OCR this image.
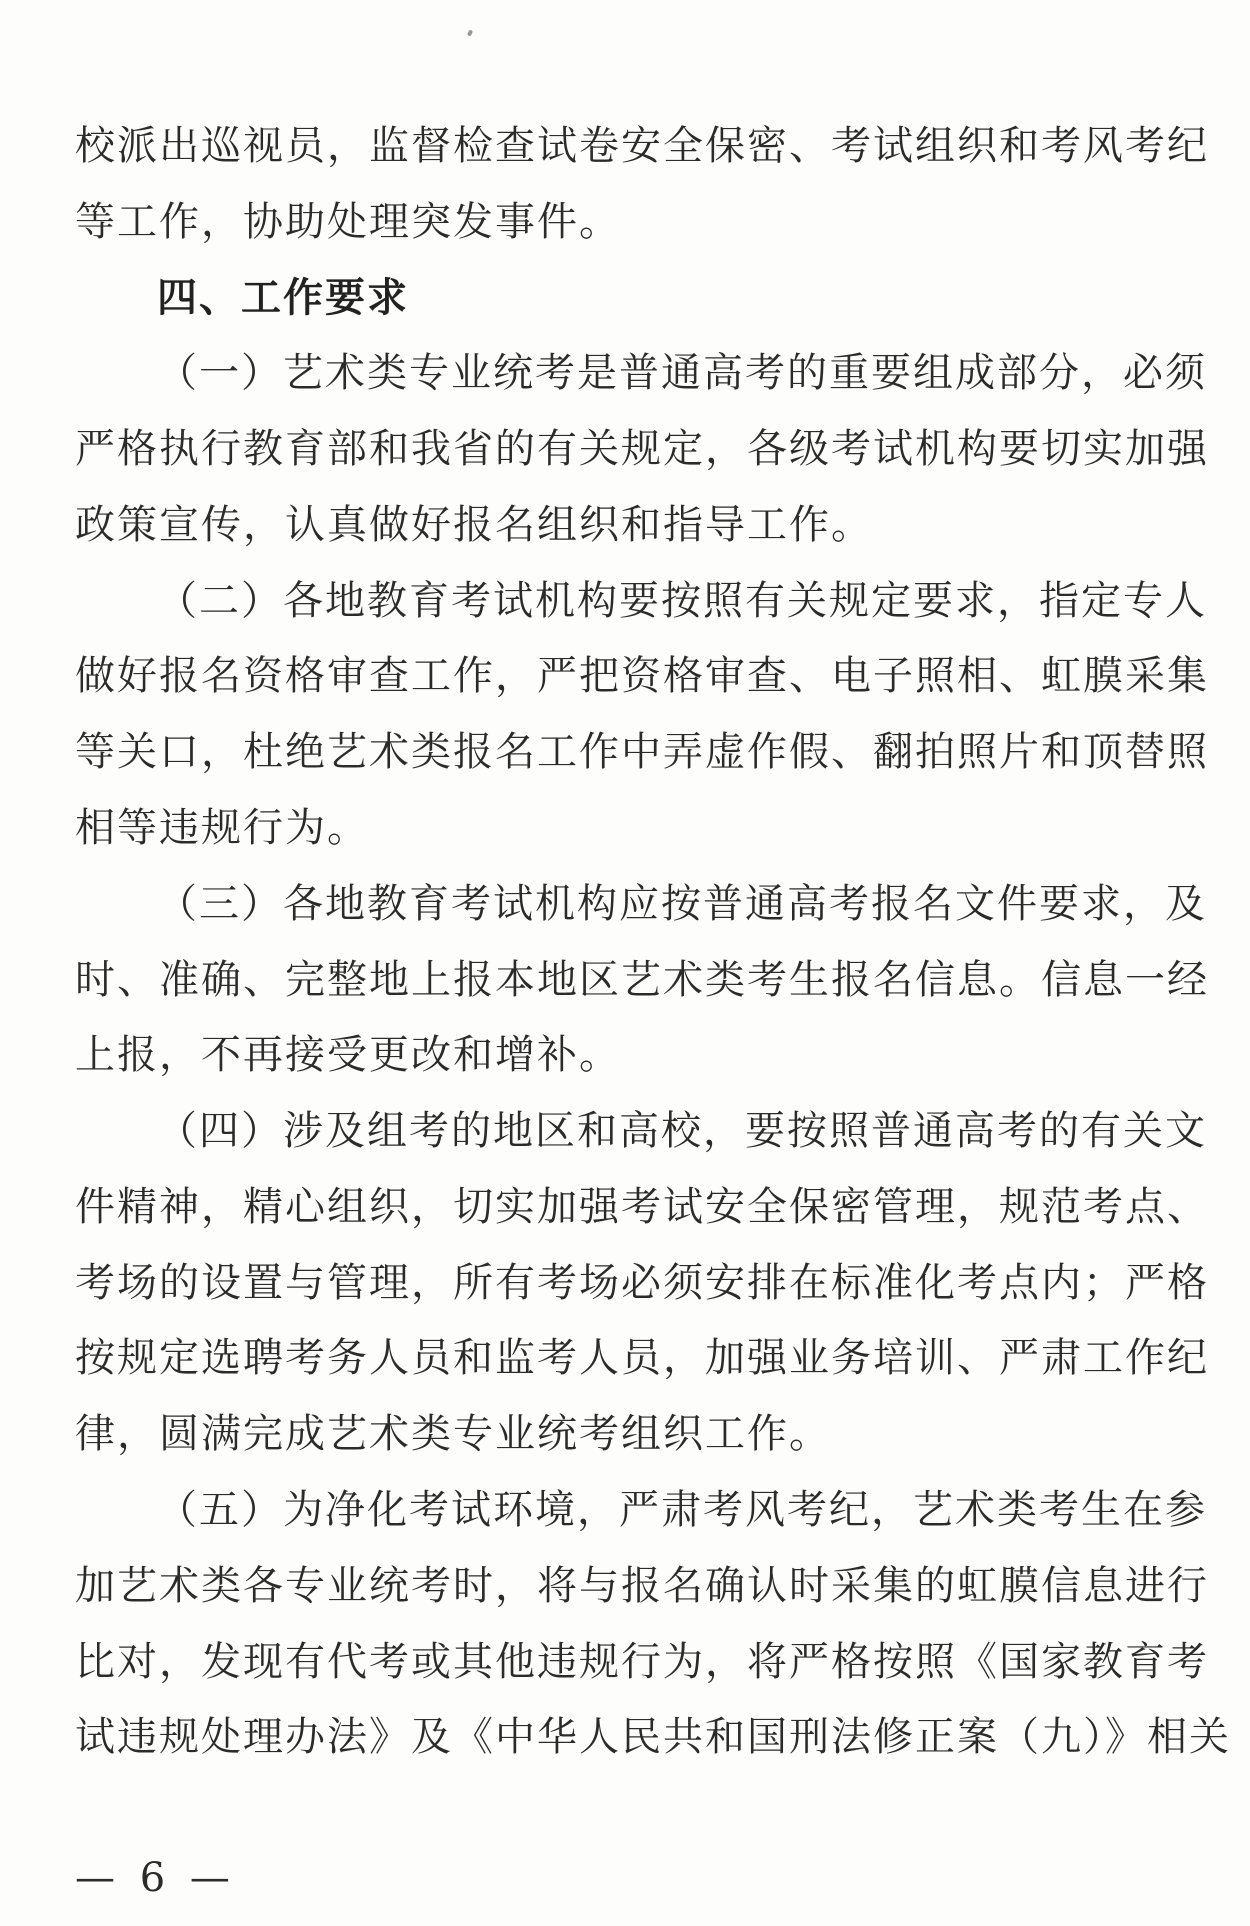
校派出巡视员，监督检查试卷安全保密、考试组织和考风考纪
等工作，协助处理突发事件。
四、工作要求
（一）艺术类专业统考是普通高考的重要组成部分，必须
严格执行教育部和我省的有关规定，各级考试机构要切实加强
政策宣传，认真做好报名组织和指导工作。
（二）各地教育考试机构要按照有关规定要求，指定专人
做好报名资格审查工作，严把资格审查、电子照相、虹膜采集
等关口，杜绝艺术类报名工作中弄虚作假、翻拍照片和顶替照
相等违规行为。
（三）各地教育考试机构应按普通高考报名文件要求，及
时、准确、完整地上报本地区艺术类考生报名信息。信息一经
上报，不再接受更改和增补。
（四）涉及组考的地区和高校，要按照普通高考的有关文
件精神，精心组织，切实加强考试安全保密管理，规范考点、
考场的设置与管理，所有考场必须安排在标准化考点内；严格
按规定选聘考务人员和监考人员，加强业务培训、严肃工作纪
律，圆满完成艺术类专业统考组织工作。
（五）为净化考试环境，严肃考风考纪，艺术类考生在参
加艺术类各专业统考时，将与报名确认时采集的虹膜信息进行
比对，发现有代考或其他违规行为，将严格按照《国家教育考
试违规处理办法》及《中华人民共和国刑法修正案（九）》相关
— 6 —
